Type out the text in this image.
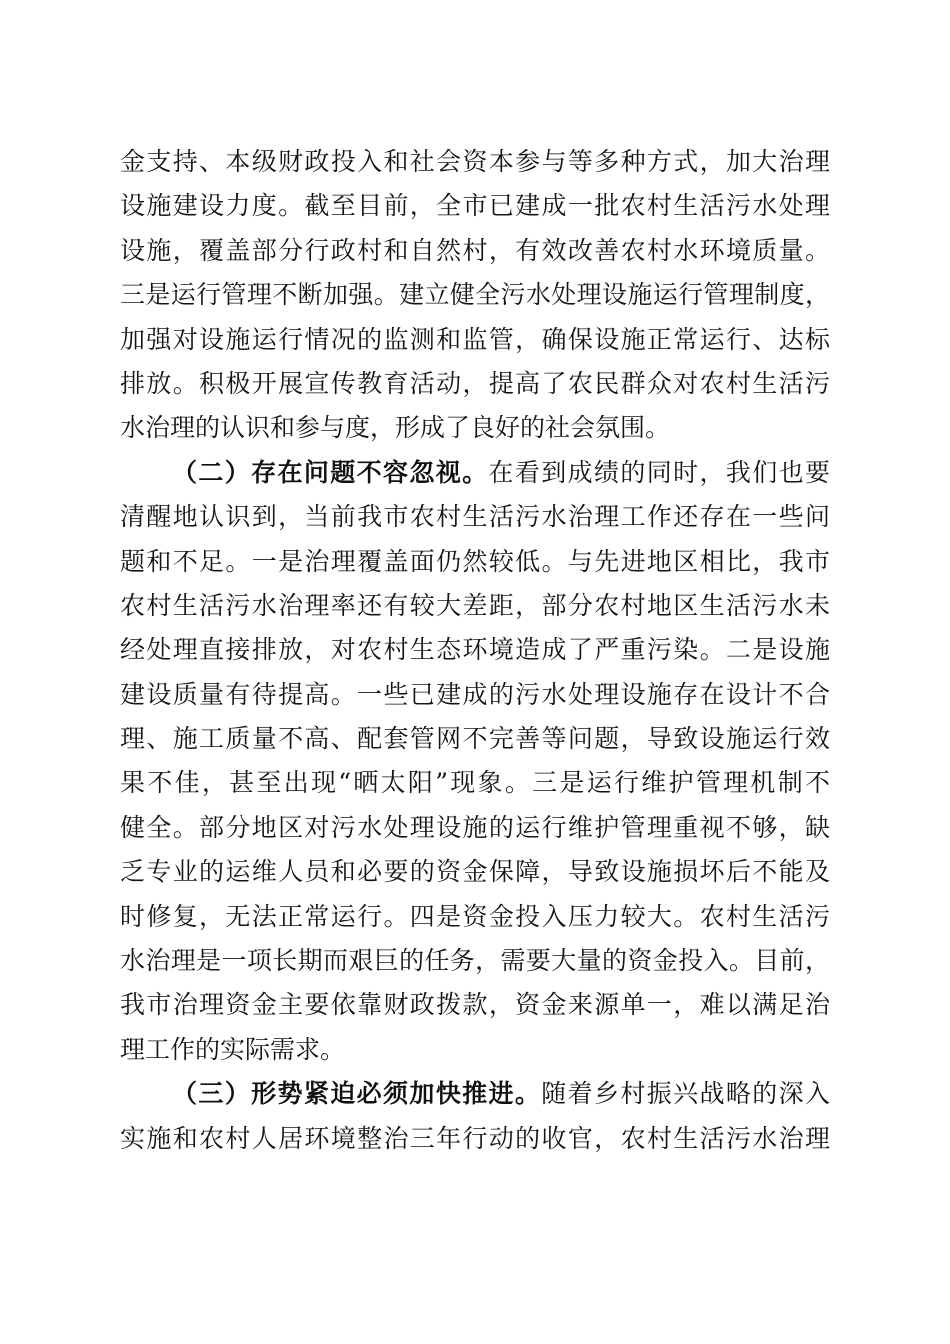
金支持、本级财政投入和社会资本参与等多种方式，加大治理
设施建设力度。截至目前，全市已建成一批农村生活污水处理
设施，覆盖部分行政村和自然村，有效改善农村水环境质量。
三是运行管理不断加强。建立健全污水处理设施运行管理制度，
加强对设施运行情况的监测和监管，确保设施正常运行、达标
排放。积极开展宣传教育活动，提高了农民群众对农村生活污
水治理的认识和参与度，形成了良好的社会氛围。
（二）存在问题不容忽视。在看到成绩的同时，我们也要
清醒地认识到，当前我市农村生活污水治理工作还存在一些问
题和不足。一是治理覆盖面仍然较低。与先进地区相比，我市
农村生活污水治理率还有较大差距，部分农村地区生活污水未
经处理直接排放，对农村生态环境造成了严重污染。二是设施
建设质量有待提高。一些已建成的污水处理设施存在设计不合
理、施工质量不高、配套管网不完善等问题，导致设施运行效
果不佳，甚至出现“晒太阳”现象。三是运行维护管理机制不
健全。部分地区对污水处理设施的运行维护管理重视不够，缺
乏专业的运维人员和必要的资金保障，导致设施损坏后不能及
时修复，无法正常运行。四是资金投入压力较大。农村生活污
水治理是一项长期而艰巨的任务，需要大量的资金投入。目前，
我市治理资金主要依靠财政拨款，资金来源单一，难以满足治
理工作的实际需求。
（三）形势紧迫必须加快推进。随着乡村振兴战略的深入
实施和农村人居环境整治三年行动的收官，农村生活污水治理
